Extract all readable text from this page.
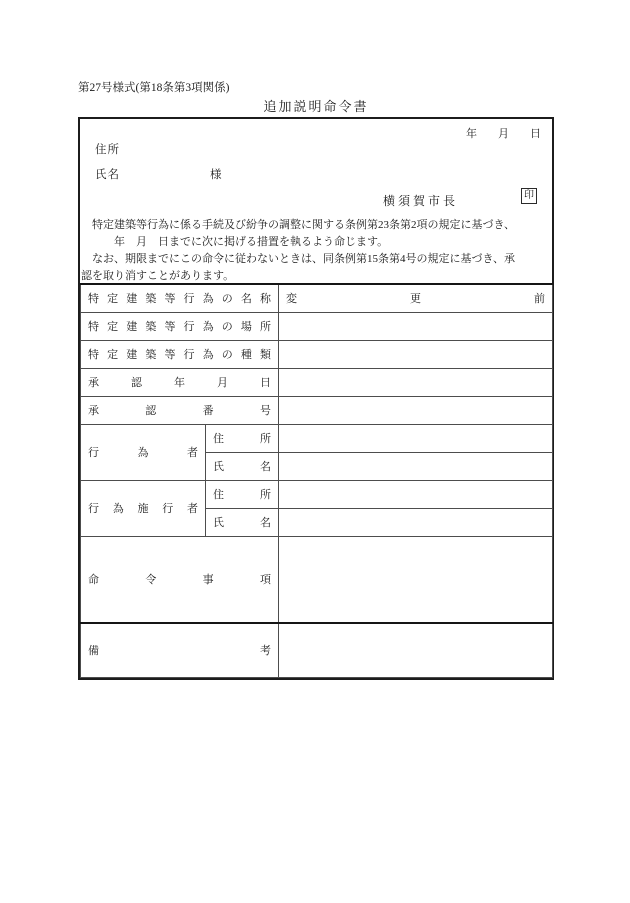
第27号様式(第18条第3項関係)
追加説明命令書
年　月　日
住所
氏名	様
横須賀市長	印
　特定建築等行為に係る手続及び紛争の調整に関する条例第23条第2項の規定に基づき、
　　　年　月　日までに次に掲げる措置を執るよう命じます。
　なお、期限までにこの命令に従わないときは、同条例第15条第4号の規定に基づき、承
認を取り消すことがあります。
特 定 建 築 等 行 為 の 名 称		変 更 前
特 定 建 築 等 行 為 の 場 所		
特 定 建 築 等 行 為 の 種 類		
承 認 年 月 日		
承 認 番 号		
行 為 者	住 所	
	氏 名	
行 為 施 行 者	住 所	
	氏 名	
命 令 事 項		
備 考		
